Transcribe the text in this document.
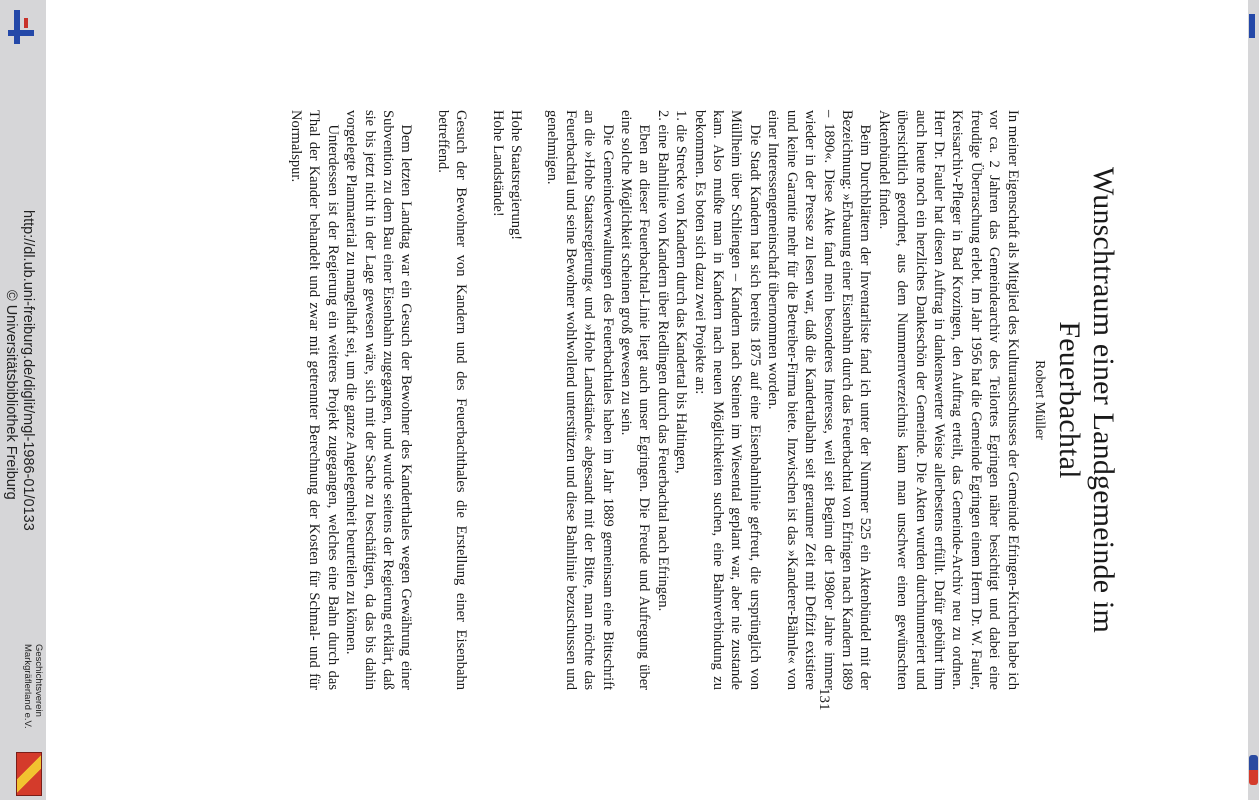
Wunschtraum einer Landgemeinde im Feuerbachtal
Robert Müller

In meiner Eigenschaft als Mitglied des Kulturausschusses der Gemeinde Efringen-Kirchen habe ich vor ca. 2 Jahren das Gemeindearchiv des Teilortes Egringen näher besichtigt und dabei eine freudige Überraschung erlebt. Im Jahr 1956 hat die Gemeinde Egringen einem Herrn Dr. W. Fauler, Kreisarchiv-Pfleger in Bad Krozingen, den Auftrag erteilt, das Gemeinde-Archiv neu zu ordnen. Herr Dr. Fauler hat diesen Auftrag in dankenswerter Weise allerbestens erfüllt. Dafür gebührt ihm auch heute noch ein herzliches Dankeschön der Gemeinde. Die Akten wurden durchnumeriert und übersichtlich geordnet, aus dem Nummernverzeichnis kann man unschwer einen gewünschten Aktenbündel finden.

Beim Durchblättern der Inventarliste fand ich unter der Nummer 525 ein Aktenbündel mit der Bezeichnung: »Erbauung einer Eisenbahn durch das Feuerbachtal von Efringen nach Kandern 1889 – 1890«. Diese Akte fand mein besonderes Interesse, weil seit Beginn der 1980er Jahre immer wieder in der Presse zu lesen war, daß die Kandertalbahn seit geraumer Zeit mit Defizit existiere und keine Garantie mehr für die Betreiber-Firma biete. Inzwischen ist das »Kanderer-Bähnle« von einer Interessengemeinschaft übernommen worden.

Die Stadt Kandern hat sich bereits 1875 auf eine Eisenbahnlinie gefreut, die ursprünglich von Müllheim über Schliengen – Kandern nach Steinen im Wiesental geplant war, aber nie zustande kam. Also mußte man in Kandern nach neuen Möglichkeiten suchen, eine Bahnverbindung zu bekommen. Es boten sich dazu zwei Projekte an:

1. die Strecke von Kandern durch das Kandertal bis Haltingen,
2. eine Bahnlinie von Kandern über Riedlingen durch das Feuerbachtal nach Efringen.

Eben an dieser Feuerbachtal-Linie liegt auch unser Egringen. Die Freude und Aufregung über eine solche Möglichkeit scheinen groß gewesen zu sein.

Die Gemeindeverwaltungen des Feuerbachtales haben im Jahr 1889 gemeinsam eine Bittschrift an die »Hohe Staatsregierung« und »Hohe Landstände« abgesandt mit der Bitte, man möchte das Feuerbachtal und seine Bewohner wohlwollend unterstützen und diese Bahnlinie bezuschussen und genehmigen.

Hohe Staatsregierung!

Hohe Landstände!

Gesuch der Bewohner von Kandern und des Feuerbachthales die Erstellung einer Eisenbahn betreffend.

Dem letzten Landtag war ein Gesuch der Bewohner des Kanderthales wegen Gewährung einer Subvention zu dem Bau einer Eisenbahn zugegangen, und wurde seitens der Regierung erklärt, daß sie bis jetzt nicht in der Lage gewesen wäre, sich mit der Sache zu beschäftigen, da das bis dahin vorgelegte Planmaterial zu mangelhaft sei, um die ganze Angelegenheit beurteilen zu können.

Unterdessen ist der Regierung ein weiteres Projekt zugegangen, welches eine Bahn durch das Thal der Kander behandelt und zwar mit getrennter Berechnung der Kosten für Schmal- und für Normalspur.

131
http://dl.ub.uni-freiburg.de/diglit/mgl-1986-01/0133
© Universitätsbibliothek Freiburg
Geschichtsverein
Markgräflerland e.V.
